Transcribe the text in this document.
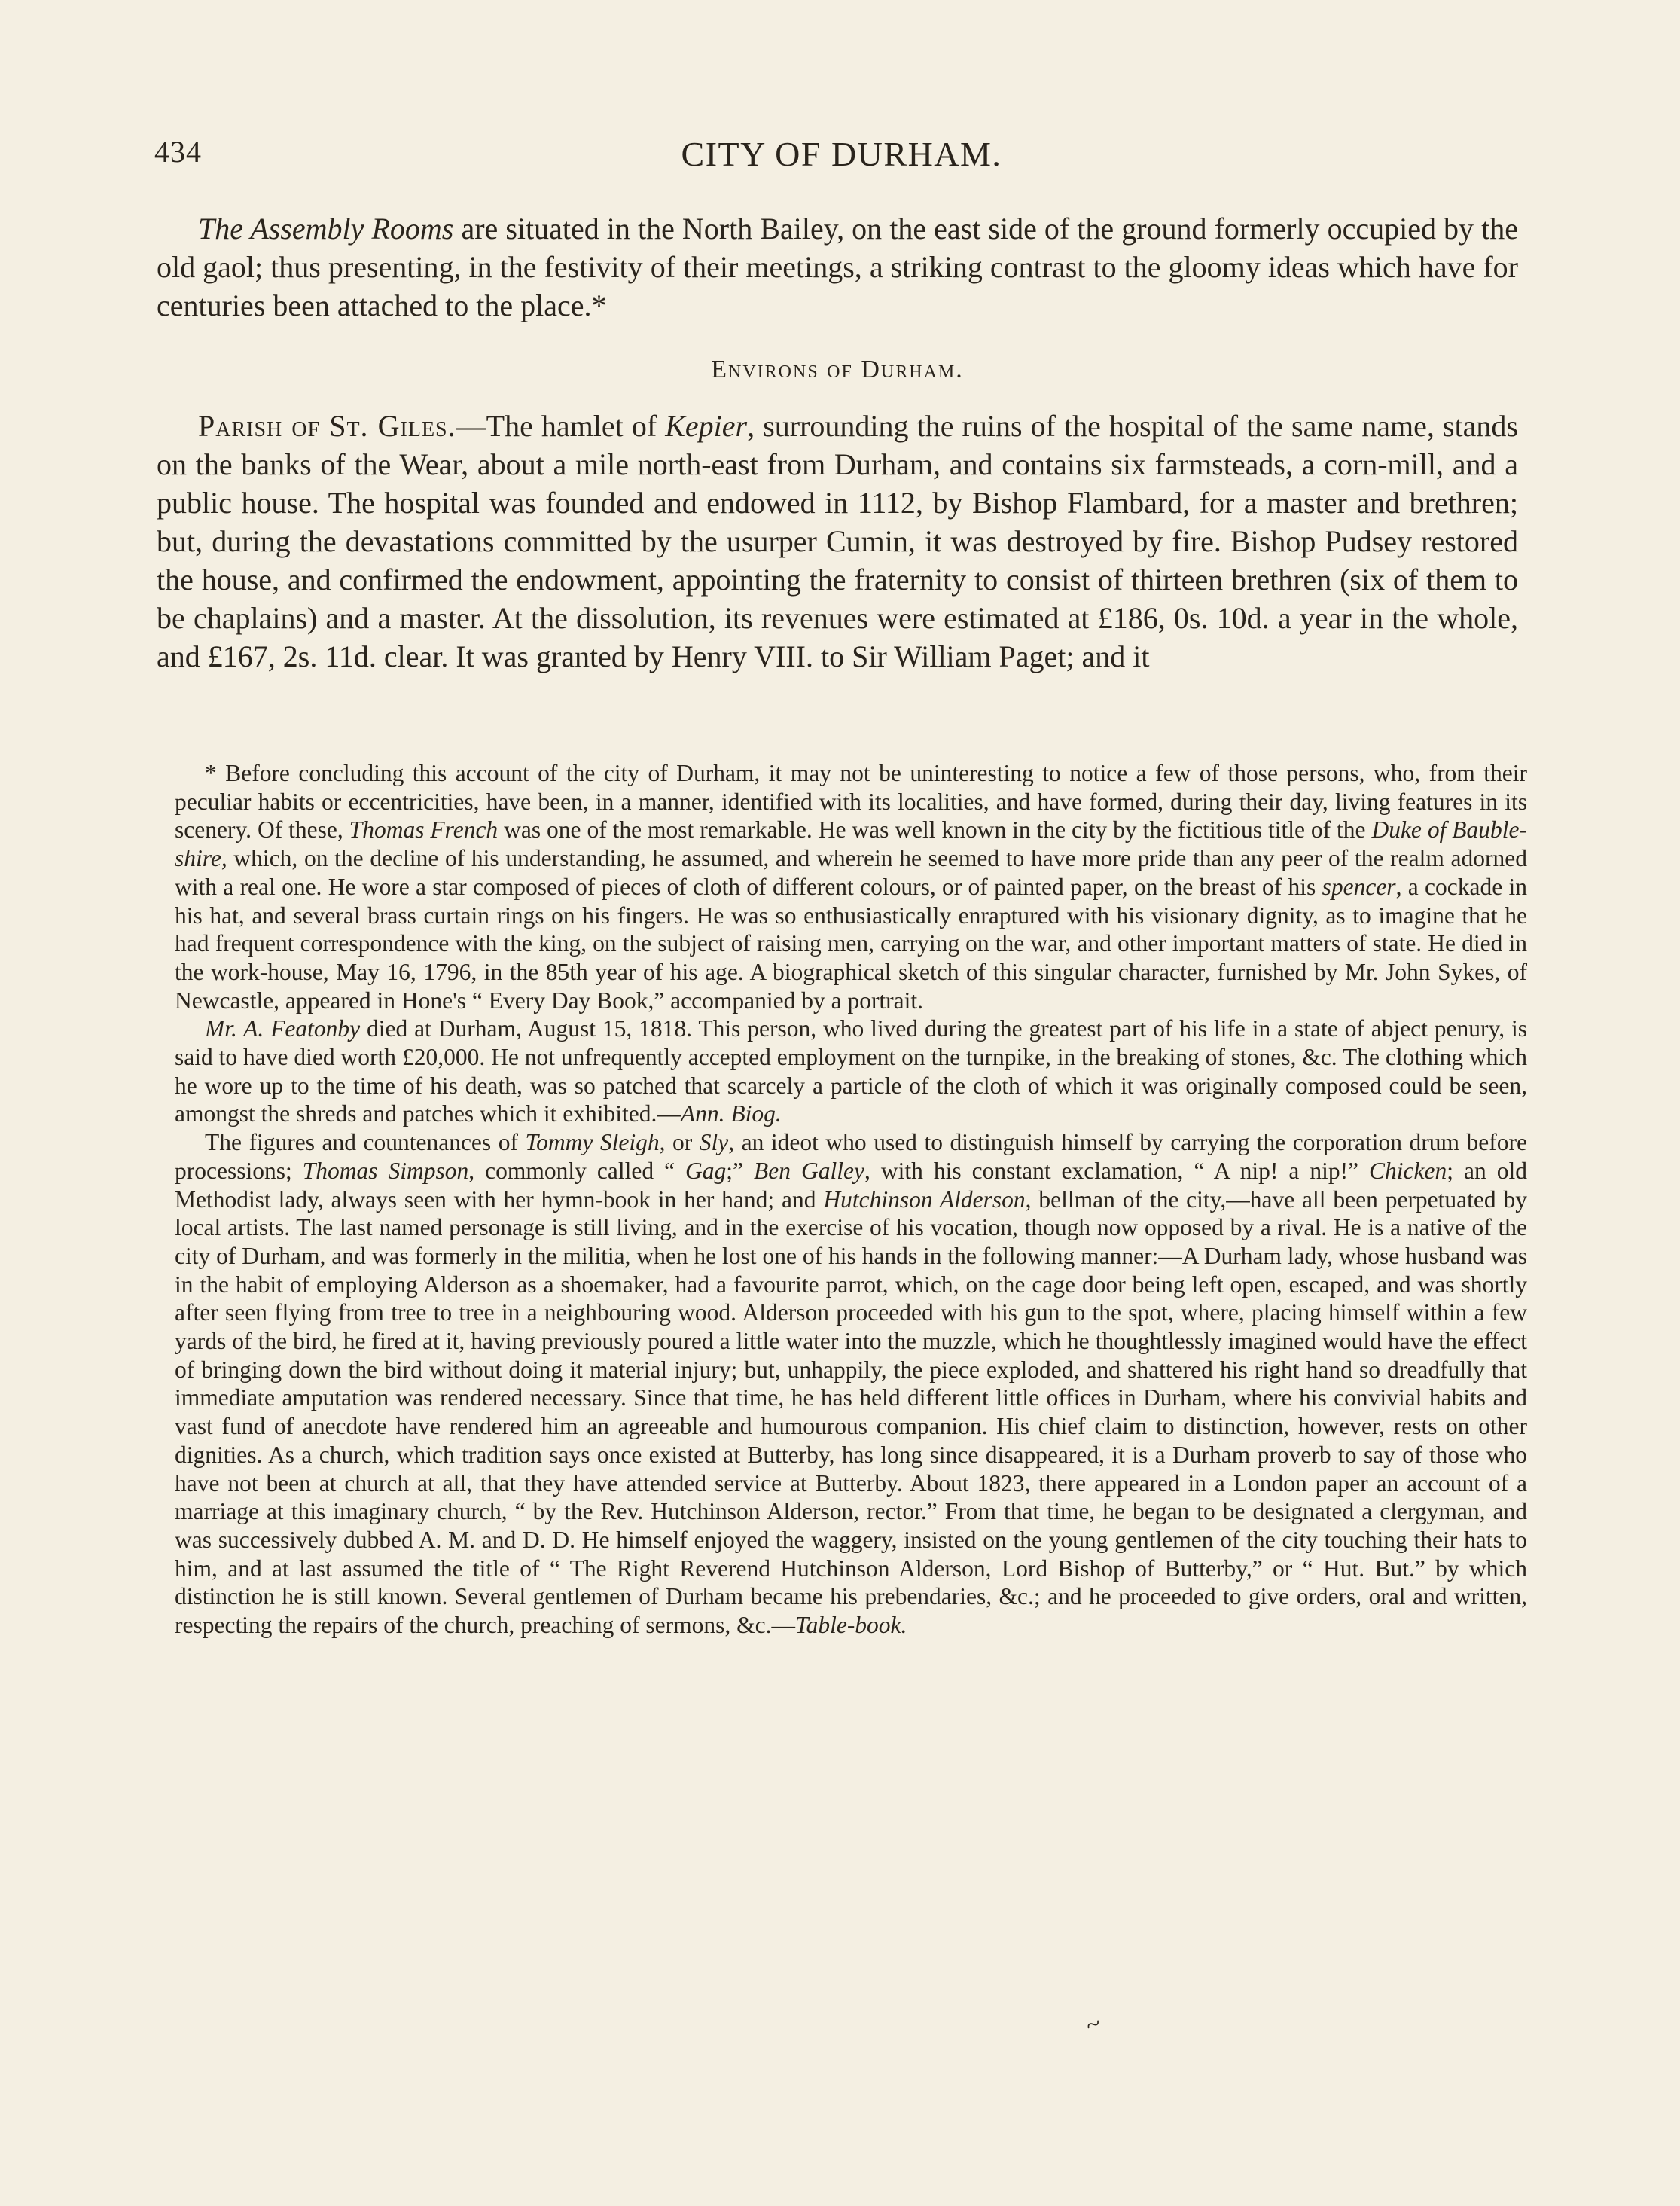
434	CITY OF DURHAM.

The Assembly Rooms are situated in the North Bailey, on the east side of the ground formerly occupied by the old gaol; thus presenting, in the festivity of their meetings, a striking contrast to the gloomy ideas which have for centuries been attached to the place.*

Environs of Durham.

Parish of St. Giles.—The hamlet of Kepier, surrounding the ruins of the hospital of the same name, stands on the banks of the Wear, about a mile north-east from Durham, and contains six farmsteads, a corn-mill, and a public house. The hospital was founded and endowed in 1112, by Bishop Flambard, for a master and brethren; but, during the devastations committed by the usurper Cumin, it was destroyed by fire. Bishop Pudsey restored the house, and confirmed the endowment, appointing the fraternity to consist of thirteen brethren (six of them to be chaplains) and a master. At the dissolution, its revenues were estimated at £186, 0s. 10d. a year in the whole, and £167, 2s. 11d. clear. It was granted by Henry VIII. to Sir William Paget; and it

* Before concluding this account of the city of Durham, it may not be uninteresting to notice a few of those persons, who, from their peculiar habits or eccentricities, have been, in a manner, identified with its localities, and have formed, during their day, living features in its scenery. Of these, Thomas French was one of the most remarkable. He was well known in the city by the fictitious title of the Duke of Bauble-shire, which, on the decline of his understanding, he assumed, and wherein he seemed to have more pride than any peer of the realm adorned with a real one. He wore a star composed of pieces of cloth of different colours, or of painted paper, on the breast of his spencer, a cockade in his hat, and several brass curtain rings on his fingers. He was so enthusiastically enraptured with his visionary dignity, as to imagine that he had frequent correspondence with the king, on the subject of raising men, carrying on the war, and other important matters of state. He died in the work-house, May 16, 1796, in the 85th year of his age. A biographical sketch of this singular character, furnished by Mr. John Sykes, of Newcastle, appeared in Hone's “ Every Day Book,” accompanied by a portrait.

Mr. A. Featonby died at Durham, August 15, 1818. This person, who lived during the greatest part of his life in a state of abject penury, is said to have died worth £20,000. He not unfrequently accepted employment on the turnpike, in the breaking of stones, &c. The clothing which he wore up to the time of his death, was so patched that scarcely a particle of the cloth of which it was originally composed could be seen, amongst the shreds and patches which it exhibited.—Ann. Biog.

The figures and countenances of Tommy Sleigh, or Sly, an ideot who used to distinguish himself by carrying the corporation drum before processions; Thomas Simpson, commonly called “ Gag;” Ben Galley, with his constant exclamation, “ A nip! a nip!” Chicken; an old Methodist lady, always seen with her hymn-book in her hand; and Hutchinson Alderson, bellman of the city,—have all been perpetuated by local artists. The last named personage is still living, and in the exercise of his vocation, though now opposed by a rival. He is a native of the city of Durham, and was formerly in the militia, when he lost one of his hands in the following manner:—A Durham lady, whose husband was in the habit of employing Alderson as a shoemaker, had a favourite parrot, which, on the cage door being left open, escaped, and was shortly after seen flying from tree to tree in a neighbouring wood. Alderson proceeded with his gun to the spot, where, placing himself within a few yards of the bird, he fired at it, having previously poured a little water into the muzzle, which he thoughtlessly imagined would have the effect of bringing down the bird without doing it material injury; but, unhappily, the piece exploded, and shattered his right hand so dreadfully that immediate amputation was rendered necessary. Since that time, he has held different little offices in Durham, where his convivial habits and vast fund of anecdote have rendered him an agreeable and humourous companion. His chief claim to distinction, however, rests on other dignities. As a church, which tradition says once existed at Butterby, has long since disappeared, it is a Durham proverb to say of those who have not been at church at all, that they have attended service at Butterby. About 1823, there appeared in a London paper an account of a marriage at this imaginary church, “ by the Rev. Hutchinson Alderson, rector.” From that time, he began to be designated a clergyman, and was successively dubbed A. M. and D. D. He himself enjoyed the waggery, insisted on the young gentlemen of the city touching their hats to him, and at last assumed the title of “ The Right Reverend Hutchinson Alderson, Lord Bishop of Butterby,” or “ Hut. But.” by which distinction he is still known. Several gentlemen of Durham became his prebendaries, &c.; and he proceeded to give orders, oral and written, respecting the repairs of the church, preaching of sermons, &c.—Table-book.

~
